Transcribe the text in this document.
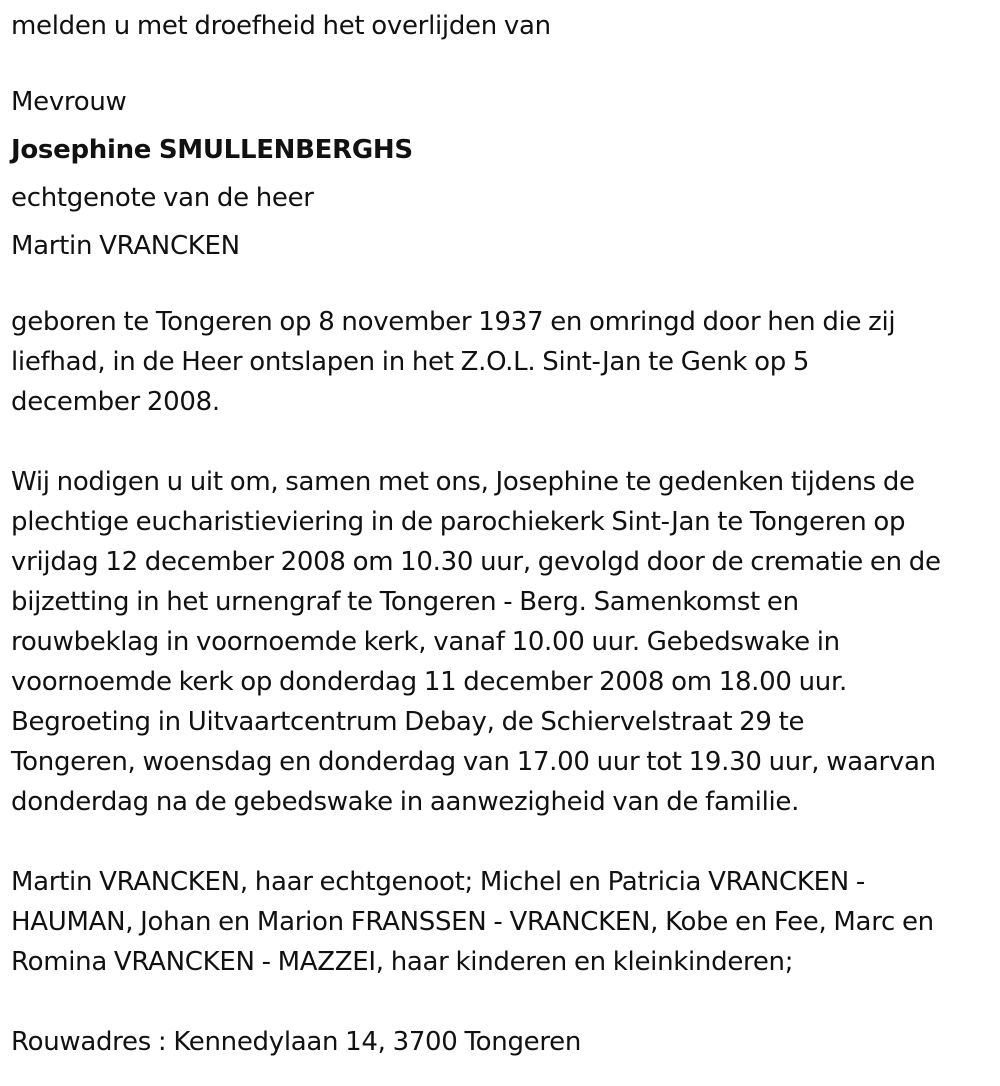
melden u met droefheid het overlijden van

Mevrouw

Josephine SMULLENBERGHS

echtgenote van de heer

Martin VRANCKEN

geboren te Tongeren op 8 november 1937 en omringd door hen die zij

liefhad, in de Heer ontslapen in het Z.O.L. Sint-Jan te Genk op 5

december 2008.

Wij nodigen u uit om, samen met ons, Josephine te gedenken tijdens de

plechtige eucharistieviering in de parochiekerk Sint-Jan te Tongeren op

vrijdag 12 december 2008 om 10.30 uur, gevolgd door de crematie en de

bijzetting in het urnengraf te Tongeren - Berg. Samenkomst en

rouwbeklag in voornoemde kerk, vanaf 10.00 uur. Gebedswake in

voornoemde kerk op donderdag 11 december 2008 om 18.00 uur.

Begroeting in Uitvaartcentrum Debay, de Schiervelstraat 29 te

Tongeren, woensdag en donderdag van 17.00 uur tot 19.30 uur, waarvan

donderdag na de gebedswake in aanwezigheid van de familie.

Martin VRANCKEN, haar echtgenoot; Michel en Patricia VRANCKEN -

HAUMAN, Johan en Marion FRANSSEN - VRANCKEN, Kobe en Fee, Marc en

Romina VRANCKEN - MAZZEI, haar kinderen en kleinkinderen;

Rouwadres : Kennedylaan 14, 3700 Tongeren
